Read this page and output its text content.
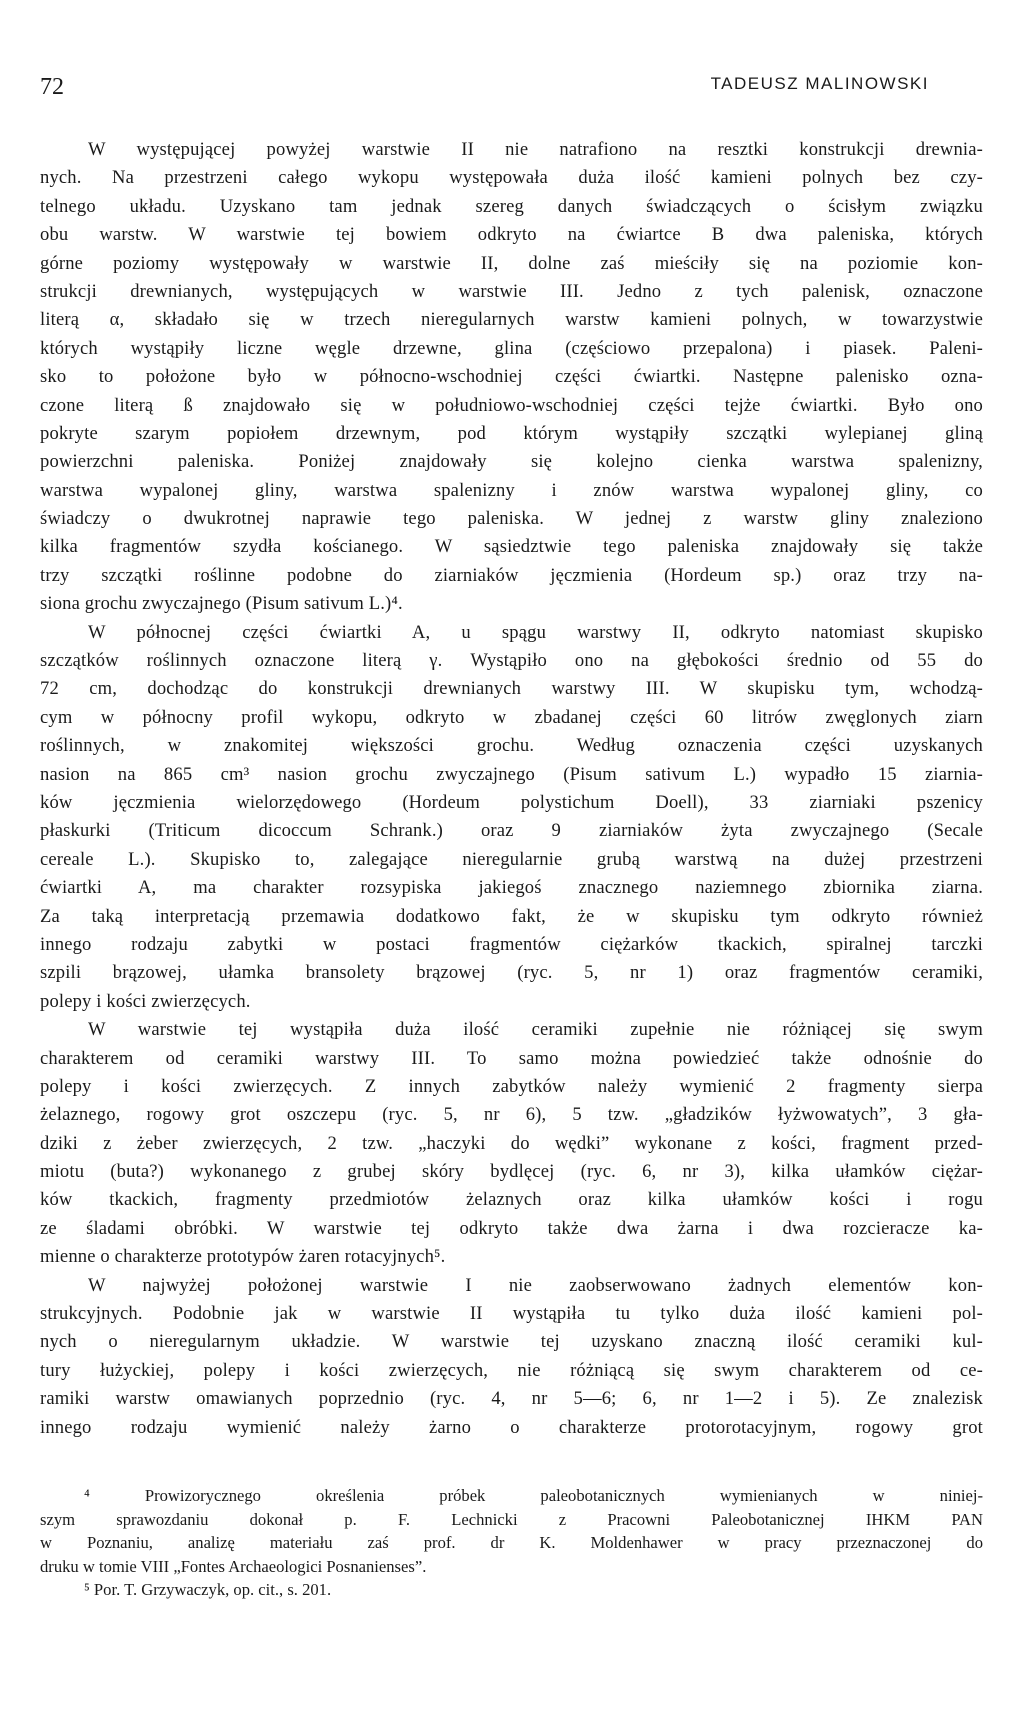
72	TADEUSZ MALINOWSKI
W występującej powyżej warstwie II nie natrafiono na resztki konstrukcji drewnia-
nych. Na przestrzeni całego wykopu występowała duża ilość kamieni polnych bez czy-
telnego układu. Uzyskano tam jednak szereg danych świadczących o ścisłym związku
obu warstw. W warstwie tej bowiem odkryto na ćwiartce B dwa paleniska, których
górne poziomy występowały w warstwie II, dolne zaś mieściły się na poziomie kon-
strukcji drewnianych, występujących w warstwie III. Jedno z tych palenisk, oznaczone
literą α, składało się w trzech nieregularnych warstw kamieni polnych, w towarzystwie
których wystąpiły liczne węgle drzewne, glina (częściowo przepalona) i piasek. Paleni-
sko to położone było w północno-wschodniej części ćwiartki. Następne palenisko ozna-
czone literą ß znajdowało się w południowo-wschodniej części tejże ćwiartki. Było ono
pokryte szarym popiołem drzewnym, pod którym wystąpiły szczątki wylepianej gliną
powierzchni paleniska. Poniżej znajdowały się kolejno cienka warstwa spalenizny,
warstwa wypalonej gliny, warstwa spalenizny i znów warstwa wypalonej gliny, co
świadczy o dwukrotnej naprawie tego paleniska. W jednej z warstw gliny znaleziono
kilka fragmentów szydła kościanego. W sąsiedztwie tego paleniska znajdowały się także
trzy szczątki roślinne podobne do ziarniaków jęczmienia (Hordeum sp.) oraz trzy na-
siona grochu zwyczajnego (Pisum sativum L.)⁴.
W północnej części ćwiartki A, u spągu warstwy II, odkryto natomiast skupisko
szczątków roślinnych oznaczone literą γ. Wystąpiło ono na głębokości średnio od 55 do
72 cm, dochodząc do konstrukcji drewnianych warstwy III. W skupisku tym, wchodzą-
cym w północny profil wykopu, odkryto w zbadanej części 60 litrów zwęglonych ziarn
roślinnych, w znakomitej większości grochu. Według oznaczenia części uzyskanych
nasion na 865 cm³ nasion grochu zwyczajnego (Pisum sativum L.) wypadło 15 ziarnia-
ków jęczmienia wielorzędowego (Hordeum polystichum Doell), 33 ziarniaki pszenicy
płaskurki (Triticum dicoccum Schrank.) oraz 9 ziarniaków żyta zwyczajnego (Secale
cereale L.). Skupisko to, zalegające nieregularnie grubą warstwą na dużej przestrzeni
ćwiartki A, ma charakter rozsypiska jakiegoś znacznego naziemnego zbiornika ziarna.
Za taką interpretacją przemawia dodatkowo fakt, że w skupisku tym odkryto również
innego rodzaju zabytki w postaci fragmentów ciężarków tkackich, spiralnej tarczki
szpili brązowej, ułamka bransolety brązowej (ryc. 5, nr 1) oraz fragmentów ceramiki,
polepy i kości zwierzęcych.
W warstwie tej wystąpiła duża ilość ceramiki zupełnie nie różniącej się swym
charakterem od ceramiki warstwy III. To samo można powiedzieć także odnośnie do
polepy i kości zwierzęcych. Z innych zabytków należy wymienić 2 fragmenty sierpa
żelaznego, rogowy grot oszczepu (ryc. 5, nr 6), 5 tzw. „gładzików łyżwowatych”, 3 gła-
dziki z żeber zwierzęcych, 2 tzw. „haczyki do wędki” wykonane z kości, fragment przed-
miotu (buta?) wykonanego z grubej skóry bydlęcej (ryc. 6, nr 3), kilka ułamków ciężar-
ków tkackich, fragmenty przedmiotów żelaznych oraz kilka ułamków kości i rogu
ze śladami obróbki. W warstwie tej odkryto także dwa żarna i dwa rozcieracze ka-
mienne o charakterze prototypów żaren rotacyjnych⁵.
W najwyżej położonej warstwie I nie zaobserwowano żadnych elementów kon-
strukcyjnych. Podobnie jak w warstwie II wystąpiła tu tylko duża ilość kamieni pol-
nych o nieregularnym układzie. W warstwie tej uzyskano znaczną ilość ceramiki kul-
tury łużyckiej, polepy i kości zwierzęcych, nie różniącą się swym charakterem od ce-
ramiki warstw omawianych poprzednio (ryc. 4, nr 5—6; 6, nr 1—2 i 5). Ze znalezisk
innego rodzaju wymienić należy żarno o charakterze protorotacyjnym, rogowy grot
⁴ Prowizorycznego określenia próbek paleobotanicznych wymienianych w niniej-
szym sprawozdaniu dokonał p. F. Lechnicki z Pracowni Paleobotanicznej IHKM PAN
w Poznaniu, analizę materiału zaś prof. dr K. Moldenhawer w pracy przeznaczonej do
druku w tomie VIII „Fontes Archaeologici Posnanienses”.
⁵ Por. T. Grzywaczyk, op. cit., s. 201.
